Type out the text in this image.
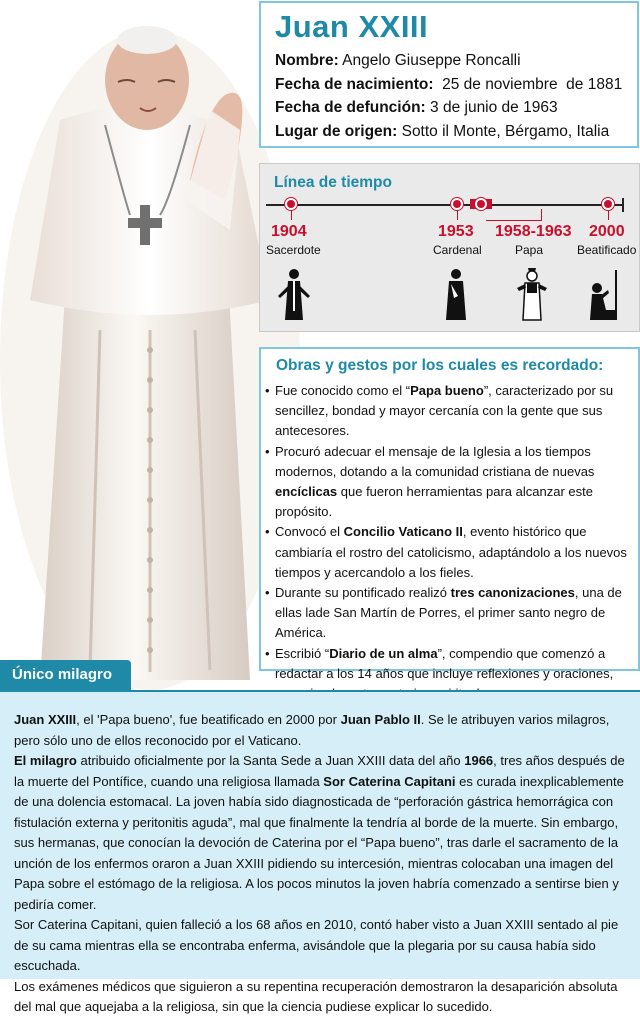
Juan XXIII
Nombre: Angelo Giuseppe Roncalli
Fecha de nacimiento:  25 de noviembre  de 1881
Fecha de defunción: 3 de junio de 1963
Lugar de origen: Sotto il Monte, Bérgamo, Italia
Línea de tiempo
1904	1953 1958-1963 2000
Sacerdote	Cardenal	Papa	Beatificado
Obras y gestos por los cuales es recordado:
• Fue conocido como el “Papa bueno”, caracterizado por su sencillez, bondad y mayor cercanía con la gente que sus antecesores.
• Procuró adecuar el mensaje de la Iglesia a los tiempos modernos, dotando a la comunidad cristiana de nuevas encíclicas que fueron herramientas para alcanzar este propósito.
• Convocó el Concilio Vaticano II, evento histórico que cambiaría el rostro del catolicismo, adaptándolo a los nuevos tiempos y acercandolo a los fieles.
• Durante su pontificado realizó tres canonizaciones, una de ellas lade San Martín de Porres, el primer santo negro de América.
• Escribió “Diario de un alma”, compendio que comenzó a redactar a los 14 años que incluye reflexiones y oraciones,
Único milagro

Juan XXIII, el 'Papa bueno', fue beatificado en 2000 por Juan Pablo II. Se le atribuyen varios milagros, pero sólo uno de ellos reconocido por el Vaticano.

El milagro atribuido oficialmente por la Santa Sede a Juan XXIII data del año 1966, tres años después de la muerte del Pontífice, cuando una religiosa llamada Sor Caterina Capitani es curada inexplicablemente de una dolencia estomacal. La joven había sido diagnosticada de “perforación gástrica hemorrágica con fistulación externa y peritonitis aguda”, mal que finalmente la tendría al borde de la muerte. Sin embargo, sus hermanas, que conocían la devoción de Caterina por el “Papa bueno”, tras darle el sacramento de la unción de los enfermos oraron a Juan XXIII pidiendo su intercesión, mientras colocaban una imagen del Papa sobre el estómago de la religiosa. A los pocos minutos la joven habría comenzado a sentirse bien y pediría comer.

Sor Caterina Capitani, quien falleció a los 68 años en 2010, contó haber visto a Juan XXIII sentado al pie de su cama mientras ella se encontraba enferma, avisándole que la plegaria por su causa había sido escuchada.

Los exámenes médicos que siguieron a su repentina recuperación demostraron la desaparición absoluta del mal que aquejaba a la religiosa, sin que la ciencia pudiese explicar lo sucedido.
